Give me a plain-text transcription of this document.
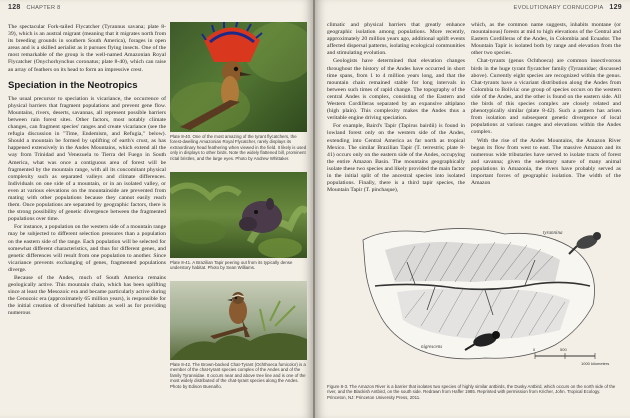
128 CHAPTER 8

The spectacular Fork-tailed Flycatcher (Tyrannus savana; plate 8-39), which is an austral migrant (meaning that it migrates north from its breeding grounds in southern South America), forages in open areas and is a skilled aerialist as it pursues flying insects. One of the most remarkable of the group is the well-named Amazonian Royal Flycatcher (Onychorhynchus coronatus; plate 8-40), which can raise an array of feathers on its head to form an impressive crest.

Speciation in the Neotropics

The usual precursor to speciation is vicariance, the occurrence of physical barriers that fragment populations and prevent gene flow. Mountains, rivers, deserts, savannas, all represent possible barriers between rain forest sites. Other factors, most notably climate changes, can fragment species' ranges and create vicariance (see the refugia discussion in "Time, Endemism, and Refugia," below). Should a mountain be formed by uplifting of earth's crust, as has happened extensively in the Andes Mountains, which extend all the way from Trinidad and Venezuela to Tierra del Fuego in South America, what was once a contiguous area of forest will be fragmented by the mountain range, with all its concomitant physical complexity such as separated valleys and climate differences. Individuals on one side of a mountain, or in an isolated valley, or even at various elevations on the mountainside are prevented from mating with other populations because they cannot easily reach them. Once populations are separated by geographic factors, there is the strong possibility of genetic divergence between the fragmented populations over time.

For instance, a population on the western side of a mountain range may be subjected to different selection pressures than a population on the eastern side of the range. Each population will be selected for somewhat different characteristics, and thus for different genes, and genetic differences will result from one population to another. Since vicariance prevents exchanging of genes, fragmented populations diverge.

Because of the Andes, much of South America remains geologically active. This mountain chain, which has been uplifting since at least the Mesozoic era and became particularly active during the Cenozoic era (approximately 65 million years), is responsible for the initial creation of diversified habitats as well as for providing numerous

Plate 8-40. One of the most amazing of the tyrant flycatchers, the forest-dwelling Amazonian Royal Flycatcher, rarely displays its extraordinary head feathering when viewed in the field. It likely is used only in displays to other birds. Note the widely flattened bill, prominent rictal bristles, and the large eyes. Photo by Andrew Whittaker.
Plate 8-41. A Brazilian Tapir peering out from its typically dense understory habitat. Photo by Sean Williams.
Plate 8-42. The Brown-backed Chat-Tyrant (Ochthoeca fumicolor) is a member of the chat-tyrant species complex of the Andes and of the family Tyrannidae. It occurs near and above tree line and is one of the most widely distributed of the chat-tyrant species along the Andes. Photo by Edison Buenaño.
EVOLUTIONARY CORNUCOPIA 129

climatic and physical barriers that greatly enhance geographic isolation among populations. More recently, approximately 20 million years ago, additional uplift events affected dispersal patterns, isolating ecological communities and stimulating evolution.

Geologists have determined that elevation changes throughout the history of the Andes have occurred in short time spans, from 1 to 4 million years long, and that the mountain chain remained stable for long intervals in between such times of rapid change. The topography of the central Andes is complex, consisting of the Eastern and Western Cordilleras separated by an expansive altiplano (high plain). This complexity makes the Andes thus a veritable engine driving speciation.

For example, Baird's Tapir (Tapirus bairdii) is found in lowland forest only on the western side of the Andes, extending into Central America as far north as tropical Mexico. The similar Brazilian Tapir (T. terrestris; plate 8-41) occurs only on the eastern side of the Andes, occupying the entire Amazon Basin. The mountains geographically isolate these two species and likely provided the main factor in the initial split of the ancestral species into isolated populations. Finally, there is a third tapir species, the Mountain Tapir (T. pinchaque),

which, as the common name suggests, inhabits montane (or mountainous) forests at mid to high elevations of the Central and Eastern Cordilleras of the Andes, in Colombia and Ecuador. The Mountain Tapir is isolated both by range and elevation from the other two species.

Chat-tyrants (genus Ochthoeca) are common insectivorous birds in the huge tyrant flycatcher family (Tyrannidae; discussed above). Currently eight species are recognized within the genus. Chat-tyrants have a vicariant distribution along the Andes from Colombia to Bolivia: one group of species occurs on the western side of the Andes, and the other is found on the eastern side. All the birds of this species complex are closely related and phenotypically similar (plate 8-42). Such a pattern has arisen from isolation and subsequent genetic divergence of local populations at various ranges and elevations within the Andes complex.

With the rise of the Andes Mountains, the Amazon River began its flow from west to east. The massive Amazon and its numerous wide tributaries have served to isolate tracts of forest and savanna; given the sedentary nature of many animal populations in Amazonia, the rivers have probably served as important forces of geographic isolation. The width of the Amazon

tyrannina
nigrescens	0	500
1000 kilometers
Figure 8-3. The Amazon River is a barrier that isolates two species of highly similar antbirds, the Dusky Antbird, which occurs on the north side of the river, and the Blackish Antbird, on the south side. Redrawn from Haffer 1985. Reprinted with permission from Kricher, John. Tropical Ecology. Princeton, NJ: Princeton University Press, 2011.
